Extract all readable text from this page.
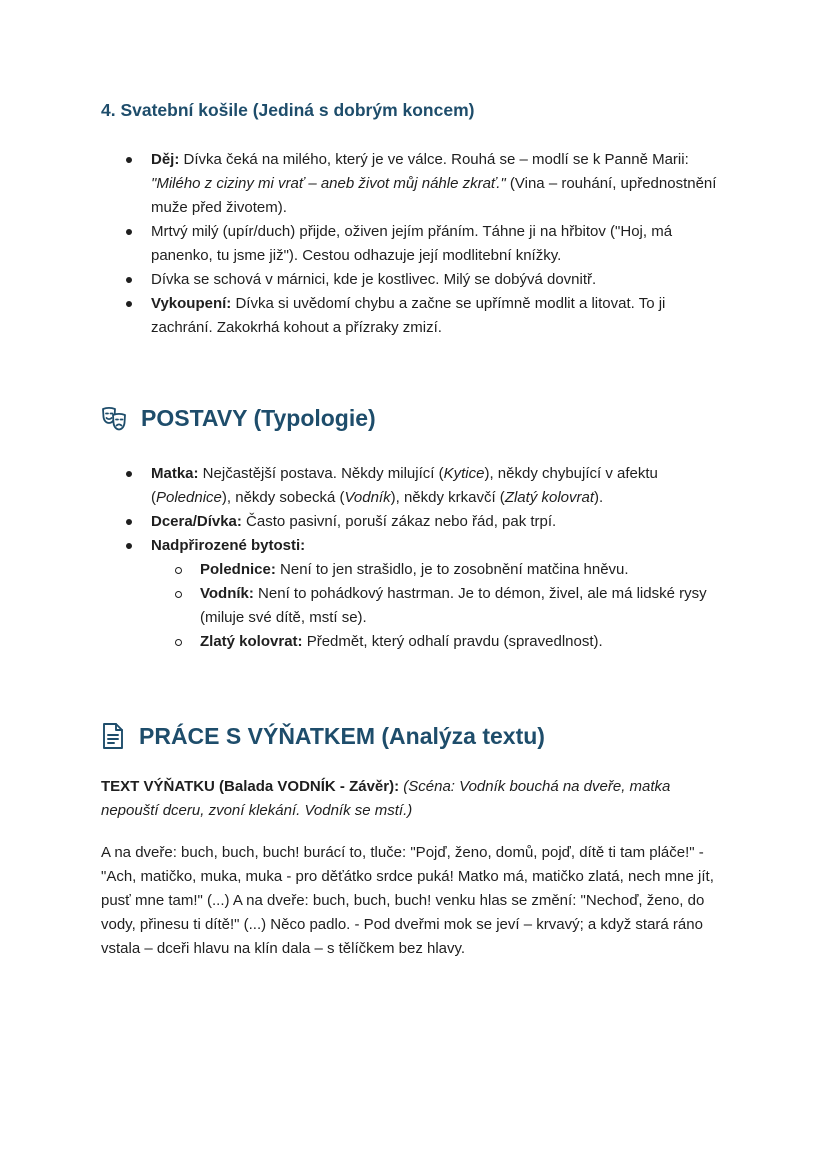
4. Svatební košile (Jediná s dobrým koncem)
Děj: Dívka čeká na milého, který je ve válce. Rouhá se – modlí se k Panně Marii: "Milého z ciziny mi vrať – aneb život můj náhle zkrať." (Vina – rouhání, upřednostnění muže před životem).
Mrtvý milý (upír/duch) přijde, oživen jejím přáním. Táhne ji na hřbitov ("Hoj, má panenko, tu jsme již"). Cestou odhazuje její modlitební knížky.
Dívka se schová v márnici, kde je kostlivec. Milý se dobývá dovnitř.
Vykoupení: Dívka si uvědomí chybu a začne se upřímně modlit a litovat. To ji zachrání. Zakokrhá kohout a přízraky zmizí.
POSTAVY (Typologie)
Matka: Nejčastější postava. Někdy milující (Kytice), někdy chybující v afektu (Polednice), někdy sobecká (Vodník), někdy krkavčí (Zlatý kolovrat).
Dcera/Dívka: Často pasivní, poruší zákaz nebo řád, pak trpí.
Nadpřirozené bytosti:
Polednice: Není to jen strašidlo, je to zosobnění matčina hněvu.
Vodník: Není to pohádkový hastrman. Je to démon, živel, ale má lidské rysy (miluje své dítě, mstí se).
Zlatý kolovrat: Předmět, který odhalí pravdu (spravedlnost).
PRÁCE S VÝŇATKEM (Analýza textu)

TEXT VÝŇATKU (Balada VODNÍK - Závěr): (Scéna: Vodník bouchá na dveře, matka nepouští dceru, zvoní klekání. Vodník se mstí.)

A na dveře: buch, buch, buch! burácí to, tluče: "Pojď, ženo, domů, pojď, dítě ti tam pláče!" - "Ach, matičko, muka, muka - pro děťátko srdce puká! Matko má, matičko zlatá, nech mne jít, pusť mne tam!" (...) A na dveře: buch, buch, buch! venku hlas se změní: "Nechoď, ženo, do vody, přinesu ti dítě!" (...) Něco padlo. - Pod dveřmi mok se jeví – krvavý; a když stará ráno vstala – dceři hlavu na klín dala – s tělíčkem bez hlavy.
